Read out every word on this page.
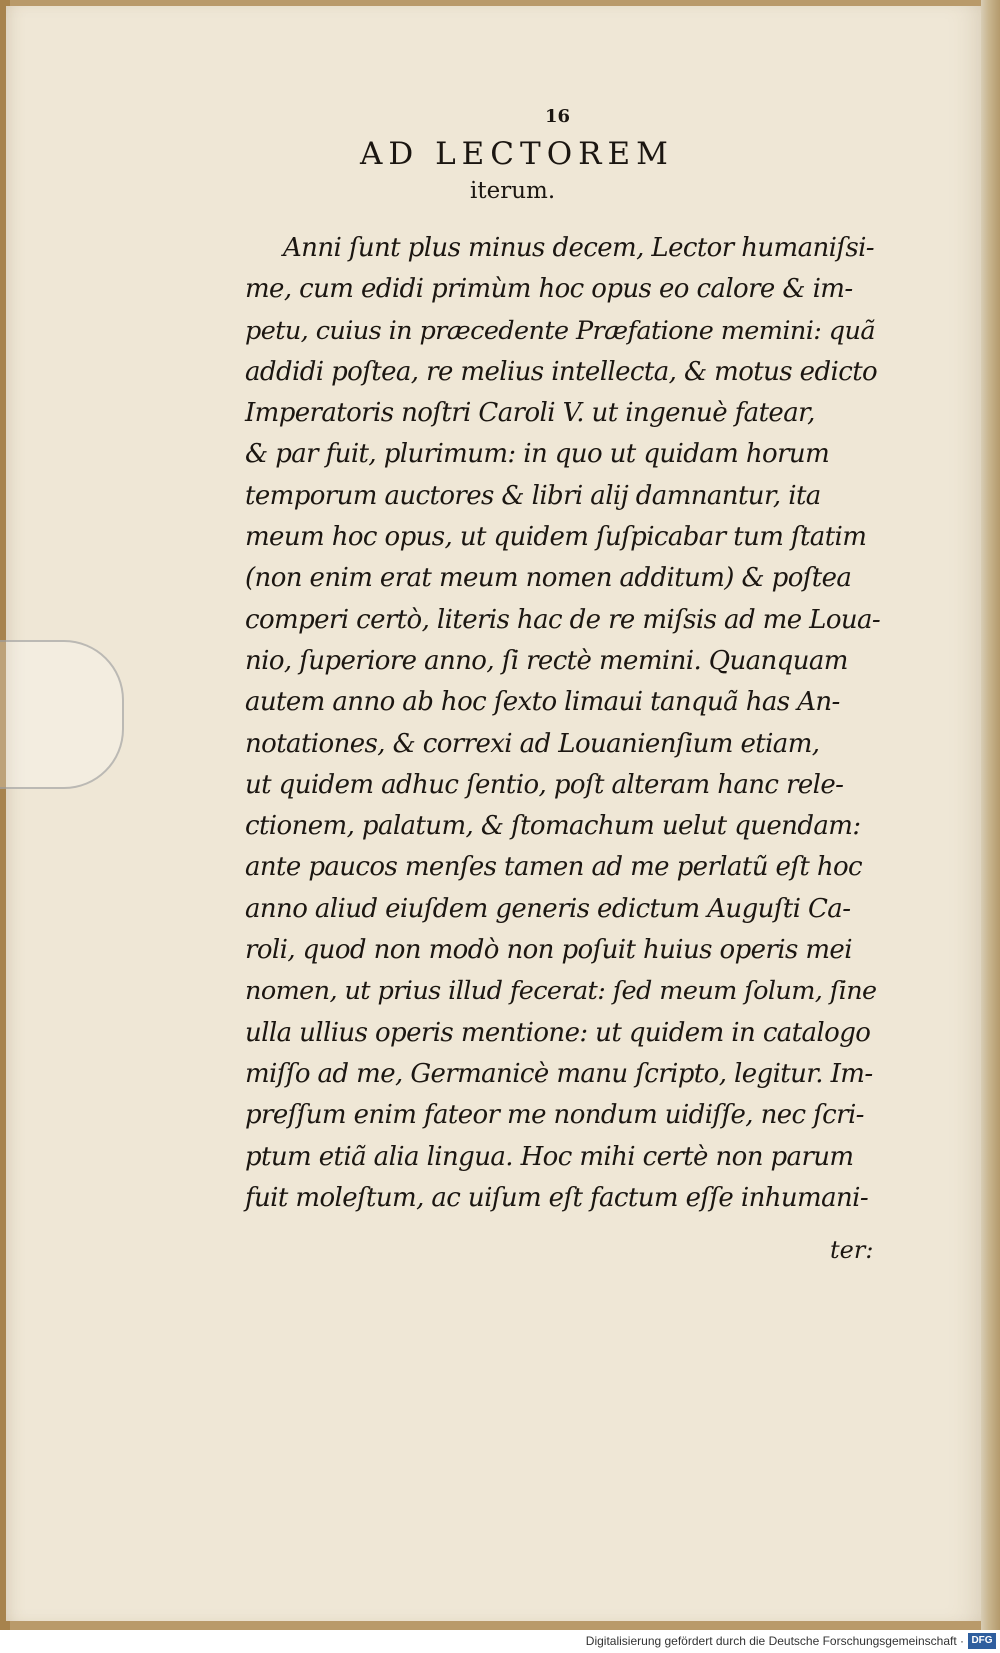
16
AD LECTOREM
iterum.
Anni ſunt plus minus decem, Lector humaniſsi-
me, cum edidi primùm hoc opus eo calore & im-
petu, cuius in præcedente Præfatione memini: quã
addidi poſtea, re melius intellecta, & motus edicto
Imperatoris noſtri Caroli V. ut ingenuè fatear,
& par fuit, plurimum: in quo ut quidam horum
temporum auctores & libri alij damnantur, ita
meum hoc opus, ut quidem ſuſpicabar tum ſtatim
(non enim erat meum nomen additum) & poſtea
comperi certò, literis hac de re miſsis ad me Loua-
nio, ſuperiore anno, ſi rectè memini. Quanquam
autem anno ab hoc ſexto limaui tanquã has An-
notationes, & correxi ad Louanienſium etiam,
ut quidem adhuc ſentio, poſt alteram hanc rele-
ctionem, palatum, & ſtomachum uelut quendam:
ante paucos menſes tamen ad me perlatũ eſt hoc
anno aliud eiuſdem generis edictum Auguſti Ca-
roli, quod non modò non poſuit huius operis mei
nomen, ut prius illud fecerat: ſed meum ſolum, ſine
ulla ullius operis mentione: ut quidem in catalogo
miſſo ad me, Germanicè manu ſcripto, legitur. Im-
preſſum enim fateor me nondum uidiſſe, nec ſcri-
ptum etiã alia lingua. Hoc mihi certè non parum
fuit moleſtum, ac uiſum eſt factum eſſe inhumani-
ter:
Digitalisierung gefördert durch die Deutsche Forschungsgemeinschaft · DFG
